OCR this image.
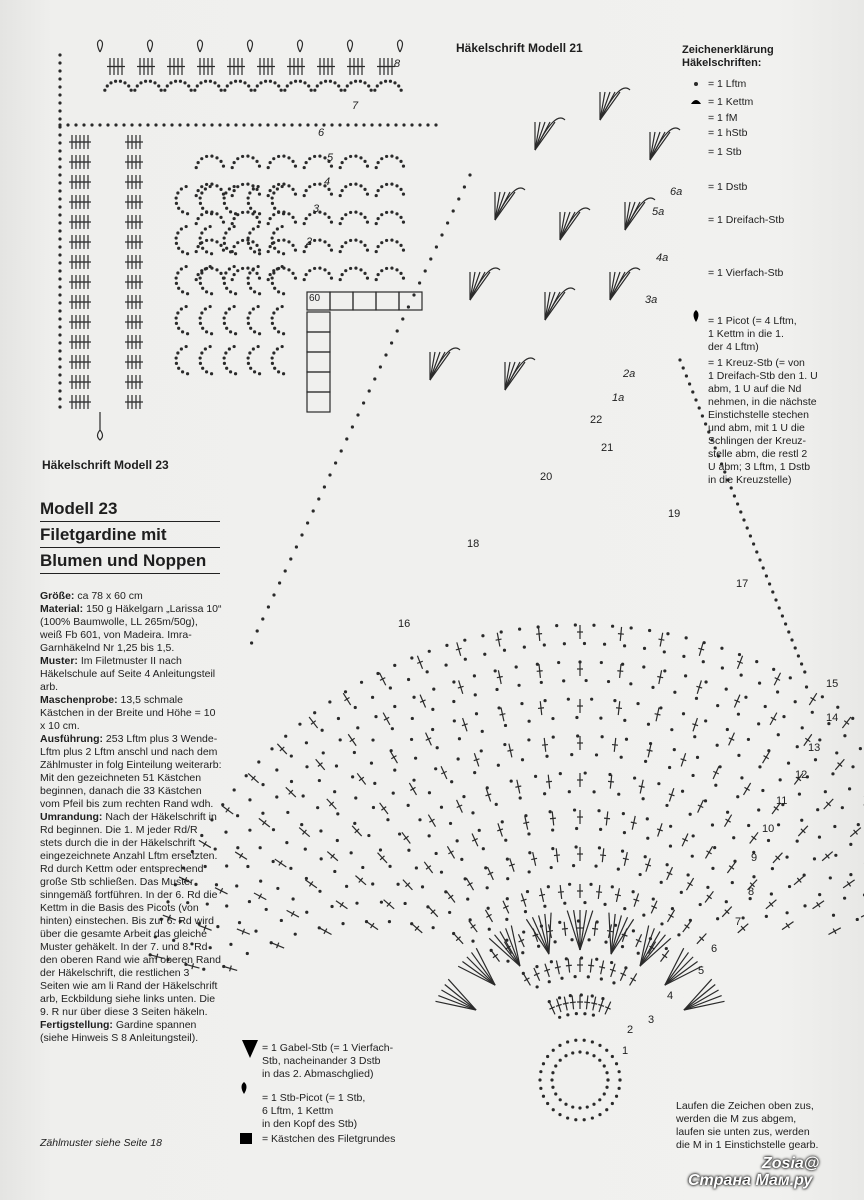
Häkelschrift Modell 21
Häkelschrift Modell 23
60
8
7
6
5
4
3
2
Zeichenerklärung
Häkelschriften:
= 1 Lftm
= 1 Kettm
= 1 fM
= 1 hStb
= 1 Stb
= 1 Dstb
= 1 Dreifach-Stb
= 1 Vierfach-Stb
= 1 Picot (= 4 Lftm,
1 Kettm in die 1.
der 4 Lftm)
= 1 Kreuz-Stb (= von
1 Dreifach-Stb den 1. U
abm, 1 U auf die Nd
nehmen, in die nächste
Einstichstelle stechen
und abm, mit 1 U die
Schlingen der Kreuz-
stelle abm, die restl 2
U abm; 3 Lftm, 1 Dstb
in die Kreuzstelle)
Modell 23
Filetgardine mit
Blumen und Noppen
Größe: ca 78 x 60 cm
Material: 150 g Häkelgarn „Larissa 10“ (100% Baumwolle, LL 265m/50g), weiß Fb 601, von Madeira. Imra-Garnhäkelnd Nr 1,25 bis 1,5.
Muster: Im Filetmuster II nach Häkelschule auf Seite 4 Anleitungsteil arb.
Maschenprobe: 13,5 schmale Kästchen in der Breite und Höhe = 10 x 10 cm.
Ausführung: 253 Lftm plus 3 Wende-Lftm plus 2 Lftm anschl und nach dem Zählmuster in folg Einteilung weiterarb: Mit den gezeichneten 51 Kästchen beginnen, danach die 33 Kästchen vom Pfeil bis zum rechten Rand wdh.
Umrandung: Nach der Häkelschrift in Rd beginnen. Die 1. M jeder Rd/R stets durch die in der Häkelschrift eingezeichnete Anzahl Lftm ersetzten. Rd durch Kettm oder entsprechend große Stb schließen. Das Muster sinngemäß fortführen. In der 6. Rd die Kettm in die Basis des Picots (von hinten) einstechen. Bis zur 6. Rd wird über die gesamte Arbeit das gleiche Muster gehäkelt. In der 7. und 8. Rd den oberen Rand wie am oberen Rand der Häkelschrift, die restlichen 3 Seiten wie am li Rand der Häkelschrift arb, Eckbildung siehe links unten. Die 9. R nur über diese 3 Seiten häkeln.
Fertigstellung: Gardine spannen (siehe Hinweis S 8 Anleitungsteil).
Zählmuster siehe Seite 18
22
21
20
19
18
17
16
15
14
13
12
11
10
9
8
7
6
5
4
3
2
1
6a
5a
4a
3a
2a
1a
= 1 Gabel-Stb (= 1 Vierfach-
Stb, nacheinander 3 Dstb
in das 2. Abmaschglied)
= 1 Stb-Picot (= 1 Stb,
6 Lftm, 1 Kettm
in den Kopf des Stb)
= Kästchen des Filetgrundes
Laufen die Zeichen oben zus,
werden die M zus abgem,
laufen sie unten zus, werden
die M in 1 Einstichstelle gearb.
Zosia@
Страна Мам.ру
